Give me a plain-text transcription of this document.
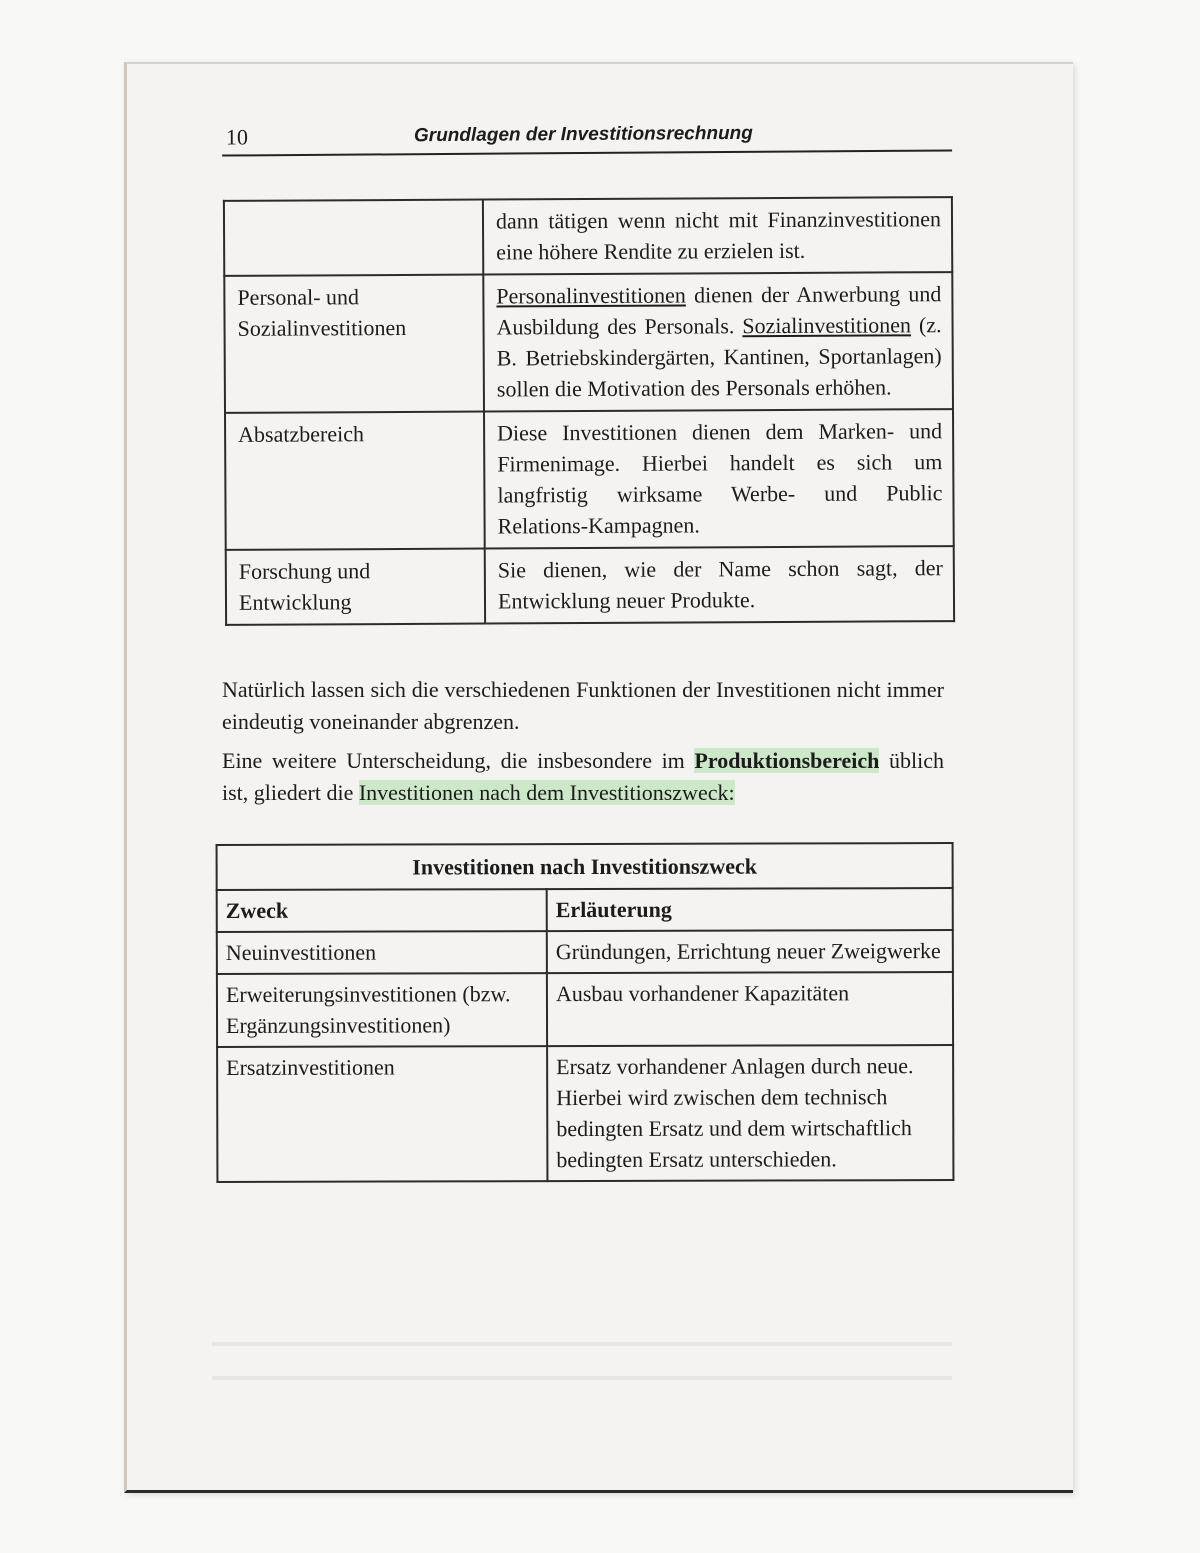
10	Grundlagen der Investitionsrechnung
	dann tätigen wenn nicht mit Finanzinvestitionen eine höhere Rendite zu erzielen ist.
Personal- und Sozialinvestitionen	Personalinvestitionen dienen der Anwerbung und Ausbildung des Personals. Sozialinvestitionen (z. B. Betriebskindergärten, Kantinen, Sportanlagen) sollen die Motivation des Personals erhöhen.
Absatzbereich	Diese Investitionen dienen dem Marken- und Firmenimage. Hierbei handelt es sich um langfristig wirksame Werbe- und Public Relations-Kampagnen.
Forschung und Entwicklung	Sie dienen, wie der Name schon sagt, der Entwicklung neuer Produkte.
Natürlich lassen sich die verschiedenen Funktionen der Investitionen nicht immer eindeutig voneinander abgrenzen.
Eine weitere Unterscheidung, die insbesondere im Produktionsbereich üblich ist, gliedert die Investitionen nach dem Investitionszweck:
Investitionen nach Investitionszweck	
Zweck	Erläuterung
Neuinvestitionen	Gründungen, Errichtung neuer Zweigwerke
Erweiterungsinvestitionen (bzw. Ergänzungsinvestitionen)	Ausbau vorhandener Kapazitäten
Ersatzinvestitionen	Ersatz vorhandener Anlagen durch neue. Hierbei wird zwischen dem technisch bedingten Ersatz und dem wirtschaftlich bedingten Ersatz unterschieden.
